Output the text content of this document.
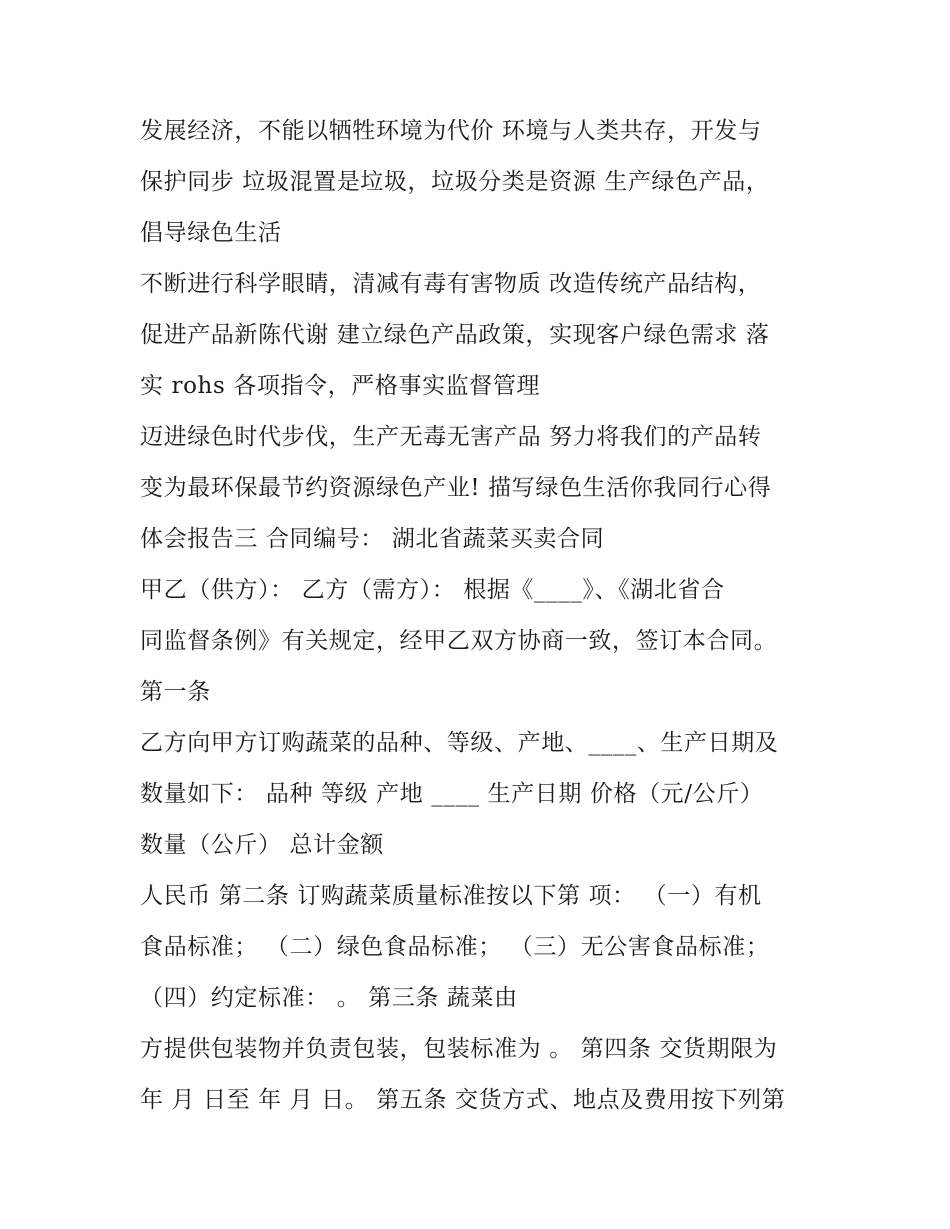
发展经济，不能以牺牲环境为代价 环境与人类共存，开发与
保护同步 垃圾混置是垃圾，垃圾分类是资源 生产绿色产品，
倡导绿色生活
不断进行科学眼睛，清减有毒有害物质 改造传统产品结构，
促进产品新陈代谢 建立绿色产品政策，实现客户绿色需求 落
实 rohs 各项指令，严格事实监督管理
迈进绿色时代步伐，生产无毒无害产品 努力将我们的产品转
变为最环保最节约资源绿色产业! 描写绿色生活你我同行心得
体会报告三 合同编号： 湖北省蔬菜买卖合同
甲乙（供方）： 乙方（需方）： 根据《____》、《湖北省合
同监督条例》有关规定，经甲乙双方协商一致，签订本合同。
第一条
乙方向甲方订购蔬菜的品种、等级、产地、____、生产日期及
数量如下： 品种 等级 产地 ____ 生产日期 价格（元/公斤）
数量（公斤） 总计金额
人民币 第二条 订购蔬菜质量标准按以下第 项： （一）有机
食品标准； （二）绿色食品标准； （三）无公害食品标准；
（四）约定标准： 。 第三条 蔬菜由
方提供包装物并负责包装，包装标准为 。 第四条 交货期限为
年 月 日至 年 月 日。 第五条 交货方式、地点及费用按下列第
